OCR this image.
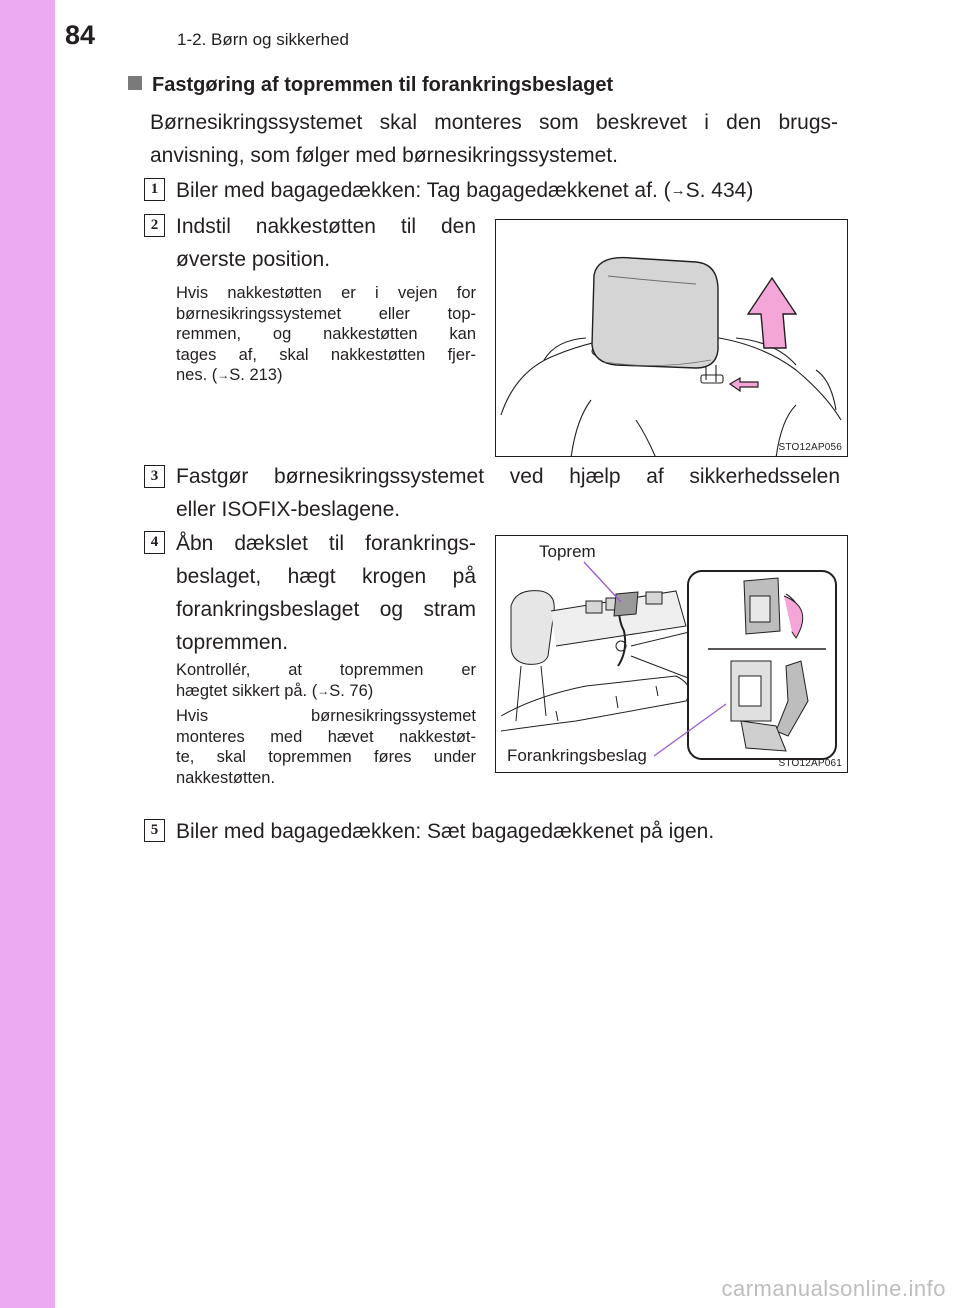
84	1-2. Børn og sikkerhed
Fastgøring af topremmen til forankringsbeslaget
Børnesikringssystemet skal monteres som beskrevet i den brugs-
anvisning, som følger med børnesikringssystemet.
1 Biler med bagagedækken: Tag bagagedækkenet af. (→S. 434)
2 Indstil nakkestøtten til den
øverste position.
Hvis nakkestøtten er i vejen for
børnesikringssystemet eller top-
remmen, og nakkestøtten kan
tages af, skal nakkestøtten fjer-
nes. (→S. 213)
STO12AP056
3 Fastgør børnesikringssystemet ved hjælp af sikkerhedsselen
eller ISOFIX-beslagene.
4 Åbn dækslet til forankrings-
beslaget, hægt krogen på
forankringsbeslaget og stram
topremmen.
Kontrollér, at topremmen er
hægtet sikkert på. (→S. 76)
Hvis børnesikringssystemet
monteres med hævet nakkestøt-
te, skal topremmen føres under
nakkestøtten.
Toprem
Forankringsbeslag	STO12AP061
5 Biler med bagagedækken: Sæt bagagedækkenet på igen.
carmanualsonline.info
